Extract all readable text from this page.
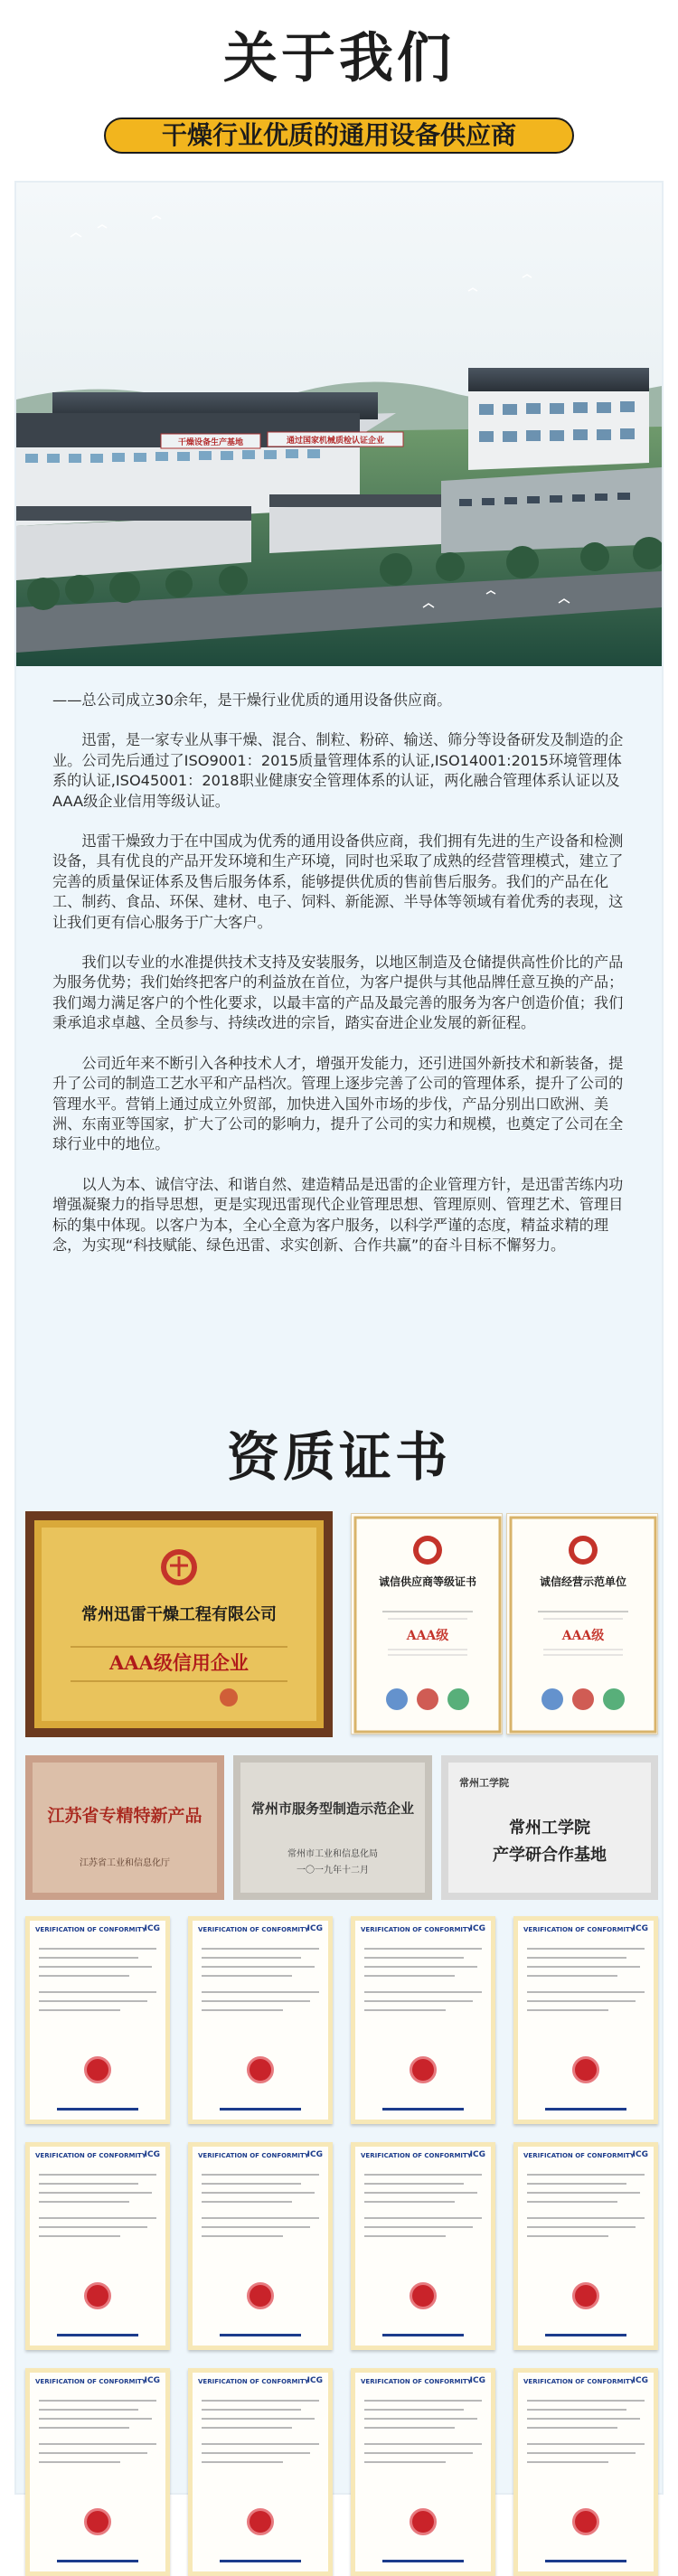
关于我们
干燥行业优质的通用设备供应商
干燥设备生产基地	通过国家机械质检认证企业

——总公司成立30余年，是干燥行业优质的通用设备供应商。

迅雷，是一家专业从事干燥、混合、制粒、粉碎、输送、筛分等设备研发及制造的企业。公司先后通过了ISO9001：2015质量管理体系的认证,ISO14001:2015环境管理体系的认证,ISO45001：2018职业健康安全管理体系的认证，两化融合管理体系认证以及AAA级企业信用等级认证。

迅雷干燥致力于在中国成为优秀的通用设备供应商，我们拥有先进的生产设备和检测设备，具有优良的产品开发环境和生产环境，同时也采取了成熟的经营管理模式，建立了完善的质量保证体系及售后服务体系，能够提供优质的售前售后服务。我们的产品在化工、制药、食品、环保、建材、电子、饲料、新能源、半导体等领域有着优秀的表现，这让我们更有信心服务于广大客户。

我们以专业的水准提供技术支持及安装服务，以地区制造及仓储提供高性价比的产品为服务优势；我们始终把客户的利益放在首位，为客户提供与其他品牌任意互换的产品；我们竭力满足客户的个性化要求，以最丰富的产品及最完善的服务为客户创造价值；我们秉承追求卓越、全员参与、持续改进的宗旨，踏实奋进企业发展的新征程。

公司近年来不断引入各种技术人才，增强开发能力，还引进国外新技术和新装备，提升了公司的制造工艺水平和产品档次。管理上逐步完善了公司的管理体系，提升了公司的管理水平。营销上通过成立外贸部，加快进入国外市场的步伐，产品分别出口欧洲、美洲、东南亚等国家，扩大了公司的影响力，提升了公司的实力和规模，也奠定了公司在全球行业中的地位。

以人为本、诚信守法、和谐自然、建造精品是迅雷的企业管理方针，是迅雷苦练内功增强凝聚力的指导思想，更是实现迅雷现代企业管理思想、管理原则、管理艺术、管理目标的集中体现。以客户为本，全心全意为客户服务，以科学严谨的态度，精益求精的理念，为实现“科技赋能、绿色迅雷、求实创新、合作共赢”的奋斗目标不懈努力。

资质证书
常州迅雷干燥工程有限公司
AAA级信用企业
诚信供应商等级证书
AAA级
诚信经营示范单位
AAA级
江苏省专精特新产品
江苏省工业和信息化厅
常州市服务型制造示范企业
常州市工业和信息化局
一〇一九年十二月
常州工学院
常州工学院
产学研合作基地
VERIFICATION OF CONFORMITY
ICG	VERIFICATION OF CONFORMITY
ICG	VERIFICATION OF CONFORMITY
ICG	VERIFICATION OF CONFORMITY
ICG
VERIFICATION OF CONFORMITY
ICG	VERIFICATION OF CONFORMITY
ICG	VERIFICATION OF CONFORMITY
ICG	VERIFICATION OF CONFORMITY
ICG
VERIFICATION OF CONFORMITY
ICG	VERIFICATION OF CONFORMITY
ICG	VERIFICATION OF CONFORMITY
ICG	VERIFICATION OF CONFORMITY
ICG
